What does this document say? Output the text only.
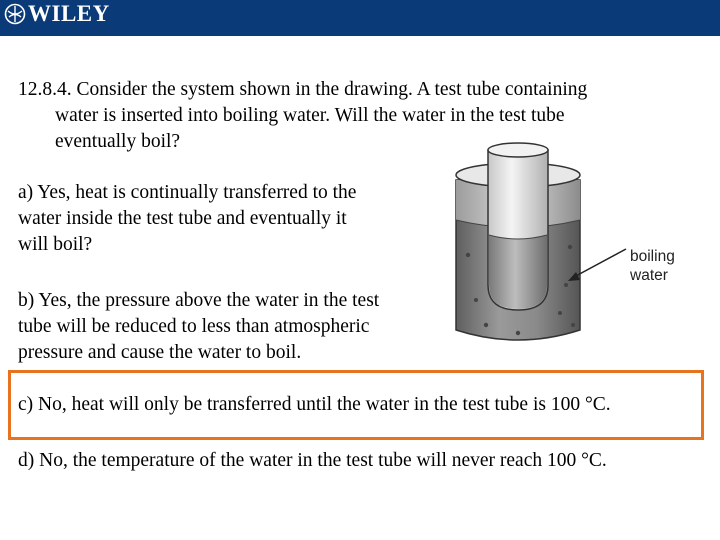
WILEY

12.8.4. Consider the system shown in the drawing. A test tube containing

water is inserted into boiling water. Will the water in the test tube
eventually boil?

a) Yes, heat is continually transferred to the
water inside the test tube and eventually it
will boil?

b) Yes, the pressure above the water in the test
tube will be reduced to less than atmospheric
pressure and cause the water to boil.

c) No, heat will only be transferred until the water in the test tube is 100 °C.

d) No, the temperature of the water in the test tube will never reach 100 °C.

boiling
water
